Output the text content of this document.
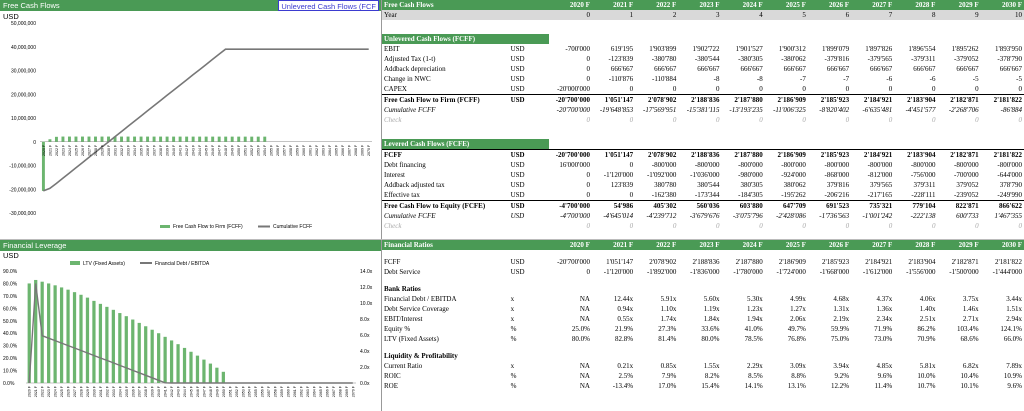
Free Cash Flows	Unlevered Cash Flows (FCF
USD
50,000,000
40,000,000
30,000,000
20,000,000
10,000,000
0
-10,000,000
-20,000,000
-30,000,000
2020 F 2021 F 2022 F 2023 F 2024 F 2025 F 2026 F 2027 F 2028 F 2029 F 2030 F 2031 F 2032 F 2033 F 2034 F 2035 F 2036 F 2037 F 2038 F 2039 F 2040 F 2041 F 2042 F 2043 F 2044 F 2045 F 2046 F 2047 F 2048 F 2049 F 2050 F 2051 F 2052 F 2053 F 2054 F 2055 F 2056 F 2057 F 2058 F 2059 F 2060 F 2061 F 2062 F 2063 F 2064 F 2065 F 2066 F 2067 F 2068 F 2069 F 2070 F
Free Cash Flow to Firm (FCFF)	Cumulative FCFF
Financial Leverage
USD
90.0%
80.0%
70.0%
60.0%
50.0%
40.0%
30.0%
20.0%
10.0%
0.0%
14.0x
12.0x
10.0x
8.0x
6.0x
4.0x
2.0x
0.0x
2020 F 2021 F 2022 F 2023 F 2024 F 2025 F 2026 F 2027 F 2028 F 2029 F 2030 F 2031 F 2032 F 2033 F 2034 F 2035 F 2036 F 2037 F 2038 F 2039 F 2040 F 2041 F 2042 F 2043 F 2044 F 2045 F 2046 F 2047 F 2048 F 2049 F 2050 F 2051 F 2052 F 2053 F 2054 F 2055 F 2056 F 2057 F 2058 F 2059 F 2060 F 2061 F 2062 F 2063 F 2064 F 2065 F 2066 F 2067 F 2068 F 2069 F 2070 F
LTV (Fixed Assets)	Financial Debt / EBITDA
Free Cash Flows		2020 F	2021 F	2022 F	2023 F	2024 F	2025 F	2026 F	2027 F	2028 F	2029 F	2030 F
Year		0	1	2	3	4	5	6	7	8	9	10

Unlevered Cash Flows (FCFF)												
EBIT	USD	-700'000	619'195	1'903'899	1'902'722	1'901'527	1'900'312	1'899'079	1'897'826	1'896'554	1'895'262	1'893'950
Adjusted Tax (1-t)	USD	0	-123'839	-380'780	-380'544	-380'305	-380'062	-379'816	-379'565	-379'311	-379'052	-378'790
Addback depreciation	USD	0	666'667	666'667	666'667	666'667	666'667	666'667	666'667	666'667	666'667	666'667
Change in NWC	USD	0	-110'876	-110'884	-8	-8	-7	-7	-6	-6	-5	-5
CAPEX	USD	-20'000'000	0	0	0	0	0	0	0	0	0	0
Free Cash Flow to Firm (FCFF)	USD	-20'700'000	1'051'147	2'078'902	2'188'836	2'187'880	2'186'909	2'185'923	2'184'921	2'183'904	2'182'871	2'181'822
Cumulative FCFF		-20'700'000	-19'648'853	-17'569'951	-15'381'115	-13'193'235	-11'006'325	-8'820'402	-6'635'481	-4'451'577	-2'268'706	-86'884
Check		0	0	0	0	0	0	0	0	0	0	0

Levered Cash Flows (FCFE)												
FCFF	USD	-20'700'000	1'051'147	2'078'902	2'188'836	2'187'880	2'186'909	2'185'923	2'184'921	2'183'904	2'182'871	2'181'822
Debt financing	USD	16'000'000	0	-800'000	-800'000	-800'000	-800'000	-800'000	-800'000	-800'000	-800'000	-800'000
Interest	USD	0	-1'120'000	-1'092'000	-1'036'000	-980'000	-924'000	-868'000	-812'000	-756'000	-700'000	-644'000
Addback adjusted tax	USD	0	123'839	380'780	380'544	380'305	380'062	379'816	379'565	379'311	379'052	378'790
Effective tax	USD	0	0	-162'380	-173'344	-184'305	-195'262	-206'216	-217'165	-228'111	-239'052	-249'990
Free Cash Flow to Equity (FCFE)	USD	-4'700'000	54'986	405'302	560'036	603'880	647'709	691'523	735'321	779'104	822'871	866'622
Cumulative FCFE	USD	-4'700'000	-4'645'014	-4'239'712	-3'679'676	-3'075'796	-2'428'086	-1'736'563	-1'001'242	-222'138	600'733	1'467'355
Check		0	0	0	0	0	0	0	0	0	0	0
Financial Ratios		2020 F	2021 F	2022 F	2023 F	2024 F	2025 F	2026 F	2027 F	2028 F	2029 F	2030 F

FCFF	USD	-20'700'000	1'051'147	2'078'902	2'188'836	2'187'880	2'186'909	2'185'923	2'184'921	2'183'904	2'182'871	2'181'822
Debt Service	USD	0	-1'120'000	-1'892'000	-1'836'000	-1'780'000	-1'724'000	-1'668'000	-1'612'000	-1'556'000	-1'500'000	-1'444'000

Bank Ratios												
Financial Debt / EBITDA	x	NA	12.44x	5.91x	5.60x	5.30x	4.99x	4.68x	4.37x	4.06x	3.75x	3.44x
Debt Service Coverage	x	NA	0.94x	1.10x	1.19x	1.23x	1.27x	1.31x	1.36x	1.40x	1.46x	1.51x
EBIT/Interest	x	NA	0.55x	1.74x	1.84x	1.94x	2.06x	2.19x	2.34x	2.51x	2.71x	2.94x
Equity %	%	25.0%	21.9%	27.3%	33.6%	41.0%	49.7%	59.9%	71.9%	86.2%	103.4%	124.1%
LTV (Fixed Assets)	%	80.0%	82.8%	81.4%	80.0%	78.5%	76.8%	75.0%	73.0%	70.9%	68.6%	66.0%

Liquidity & Profitability												
Current Ratio	x	NA	0.21x	0.85x	1.55x	2.29x	3.09x	3.94x	4.85x	5.81x	6.82x	7.89x
ROIC	%	NA	2.5%	7.9%	8.2%	8.5%	8.8%	9.2%	9.6%	10.0%	10.4%	10.9%
ROE	%	NA	-13.4%	17.0%	15.4%	14.1%	13.1%	12.2%	11.4%	10.7%	10.1%	9.6%
